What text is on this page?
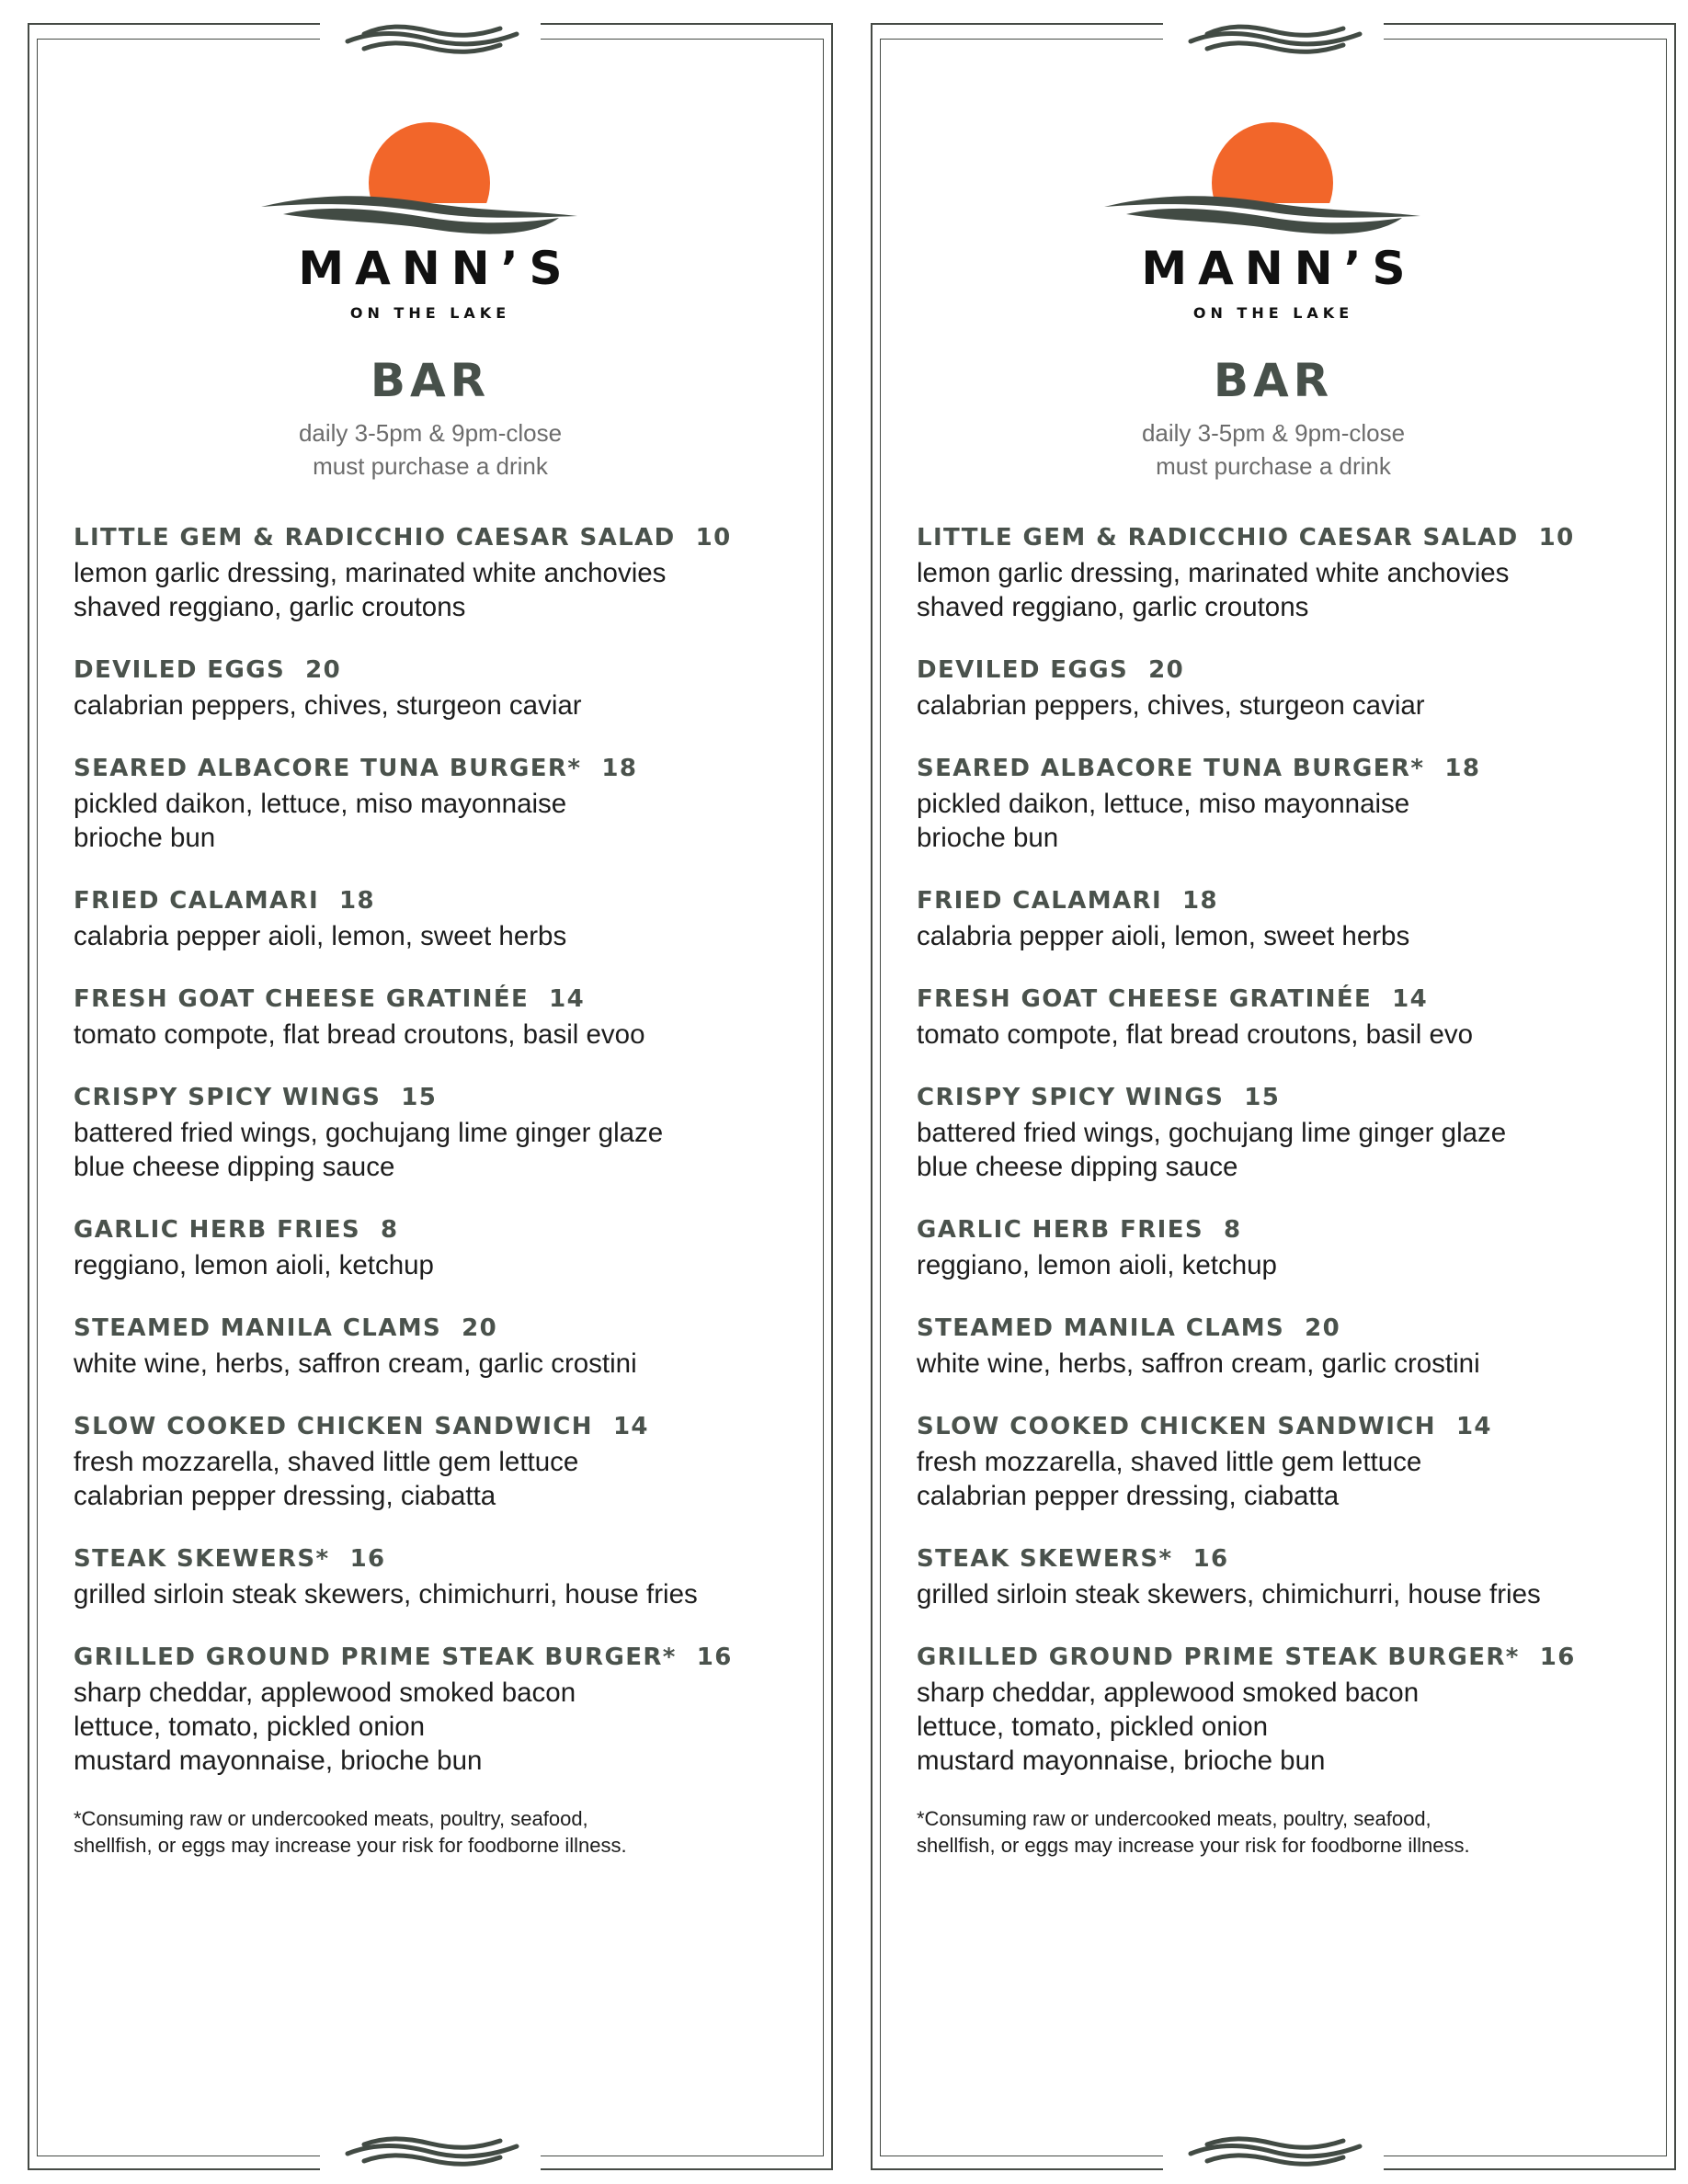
MANN’S
ON THE LAKE
BAR
daily 3-5pm & 9pm-close
must purchase a drink
LITTLE GEM & RADICCHIO CAESAR SALAD 10
lemon garlic dressing, marinated white anchovies
shaved reggiano, garlic croutons
DEVILED EGGS 20
calabrian peppers, chives, sturgeon caviar
SEARED ALBACORE TUNA BURGER* 18
pickled daikon, lettuce, miso mayonnaise
brioche bun
FRIED CALAMARI 18
calabria pepper aioli, lemon, sweet herbs
FRESH GOAT CHEESE GRATINÉE 14
tomato compote, flat bread croutons, basil evoo
CRISPY SPICY WINGS 15
battered fried wings, gochujang lime ginger glaze
blue cheese dipping sauce
GARLIC HERB FRIES 8
reggiano, lemon aioli, ketchup
STEAMED MANILA CLAMS 20
white wine, herbs, saffron cream, garlic crostini
SLOW COOKED CHICKEN SANDWICH 14
fresh mozzarella, shaved little gem lettuce
calabrian pepper dressing, ciabatta
STEAK SKEWERS* 16
grilled sirloin steak skewers, chimichurri, house fries
GRILLED GROUND PRIME STEAK BURGER* 16
sharp cheddar, applewood smoked bacon
lettuce, tomato, pickled onion
mustard mayonnaise, brioche bun
*Consuming raw or undercooked meats, poultry, seafood,
shellfish, or eggs may increase your risk for foodborne illness.
MANN’S
ON THE LAKE
BAR
daily 3-5pm & 9pm-close
must purchase a drink
LITTLE GEM & RADICCHIO CAESAR SALAD 10
lemon garlic dressing, marinated white anchovies
shaved reggiano, garlic croutons
DEVILED EGGS 20
calabrian peppers, chives, sturgeon caviar
SEARED ALBACORE TUNA BURGER* 18
pickled daikon, lettuce, miso mayonnaise
brioche bun
FRIED CALAMARI 18
calabria pepper aioli, lemon, sweet herbs
FRESH GOAT CHEESE GRATINÉE 14
tomato compote, flat bread croutons, basil evo
CRISPY SPICY WINGS 15
battered fried wings, gochujang lime ginger glaze
blue cheese dipping sauce
GARLIC HERB FRIES 8
reggiano, lemon aioli, ketchup
STEAMED MANILA CLAMS 20
white wine, herbs, saffron cream, garlic crostini
SLOW COOKED CHICKEN SANDWICH 14
fresh mozzarella, shaved little gem lettuce
calabrian pepper dressing, ciabatta
STEAK SKEWERS* 16
grilled sirloin steak skewers, chimichurri, house fries
GRILLED GROUND PRIME STEAK BURGER* 16
sharp cheddar, applewood smoked bacon
lettuce, tomato, pickled onion
mustard mayonnaise, brioche bun
*Consuming raw or undercooked meats, poultry, seafood,
shellfish, or eggs may increase your risk for foodborne illness.
